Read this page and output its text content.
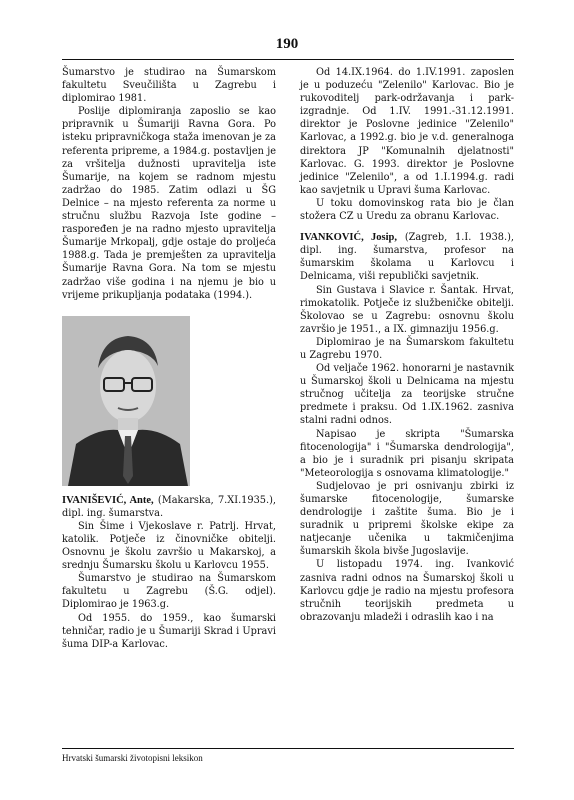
190

Šumarstvo je studirao na Šumarskom fakultetu Sveučilišta u Zagrebu i diplomirao 1981.

Poslije diplomiranja zaposlio se kao pripravnik u Šumariji Ravna Gora. Po isteku pripravničkoga staža imenovan je za referenta pripreme, a 1984.g. postavljen je za vršitelja dužnosti upravitelja iste Šumarije, na kojem se radnom mjestu zadržao do 1985. Zatim odlazi u ŠG Delnice – na mjesto referenta za norme u stručnu službu Razvoja Iste godine – raspoređen je na radno mjesto upravitelja Šumarije Mrkopalj, gdje ostaje do proljeća 1988.g. Tada je premješten za upravitelja Šumarije Ravna Gora. Na tom se mjestu zadržao više godina i na njemu je bio u vrijeme prikupljanja podataka (1994.).

IVANIŠEVIĆ, Ante, (Makarska, 7.XI.1935.), dipl. ing. šumarstva.

Sin Šime i Vjekoslave r. Patrlj. Hrvat, katolik. Potječe iz činovničke obitelji. Osnovnu je školu završio u Makarskoj, a srednju Šumarsku školu u Karlovcu 1955.

Šumarstvo je studirao na Šumarskom fakultetu u Zagrebu (Š.G. odjel). Diplomirao je 1963.g.

Od 1955. do 1959., kao šumarski tehničar, radio je u Šumariji Skrad i Upravi šuma DIP-a Karlovac.

Od 14.IX.1964. do 1.IV.1991. zaposlen je u poduzeću "Zelenilo" Karlovac. Bio je rukovoditelj park-održavanja i park-izgradnje. Od 1.IV. 1991.-31.12.1991. direktor je Poslovne jedinice "Zelenilo" Karlovac, a 1992.g. bio je v.d. generalnoga direktora JP "Komunalnih djelatnosti" Karlovac. G. 1993. direktor je Poslovne jedinice "Zelenilo", a od 1.I.1994.g. radi kao savjetnik u Upravi šuma Karlovac.

U toku domovinskog rata bio je član stožera CZ u Uredu za obranu Karlovac.

IVANKOVIĆ, Josip, (Zagreb, 1.I. 1938.), dipl. ing. šumarstva, profesor na šumarskim školama u Karlovcu i Delnicama, viši republički savjetnik.

Sin Gustava i Slavice r. Šantak. Hrvat, rimokatolik. Potječe iz službeničke obitelji. Školovao se u Zagrebu: osnovnu školu završio je 1951., a IX. gimnaziju 1956.g.

Diplomirao je na Šumarskom fakultetu u Zagrebu 1970.

Od veljače 1962. honorarni je nastavnik u Šumarskoj školi u Delnicama na mjestu stručnog učitelja za teorijske stručne predmete i praksu. Od 1.IX.1962. zasniva stalni radni odnos.

Napisao je skripta "Šumarska fitocenologija" i "Šumarska dendrologija", a bio je i suradnik pri pisanju skripata "Meteorologija s osnovama klimatologije."

Sudjelovao je pri osnivanju zbirki iz šumarske fitocenologije, šumarske dendrologije i zaštite šuma. Bio je i suradnik u pripremi školske ekipe za natjecanje učenika u takmičenjima šumarskih škola bivše Jugoslavije.

U listopadu 1974. ing. Ivanković zasniva radni odnos na Šumarskoj školi u Karlovcu gdje je radio na mjestu profesora stručnih teorijskih predmeta u obrazovanju mladeži i odraslih kao i na

Hrvatski šumarski životopisni leksikon
